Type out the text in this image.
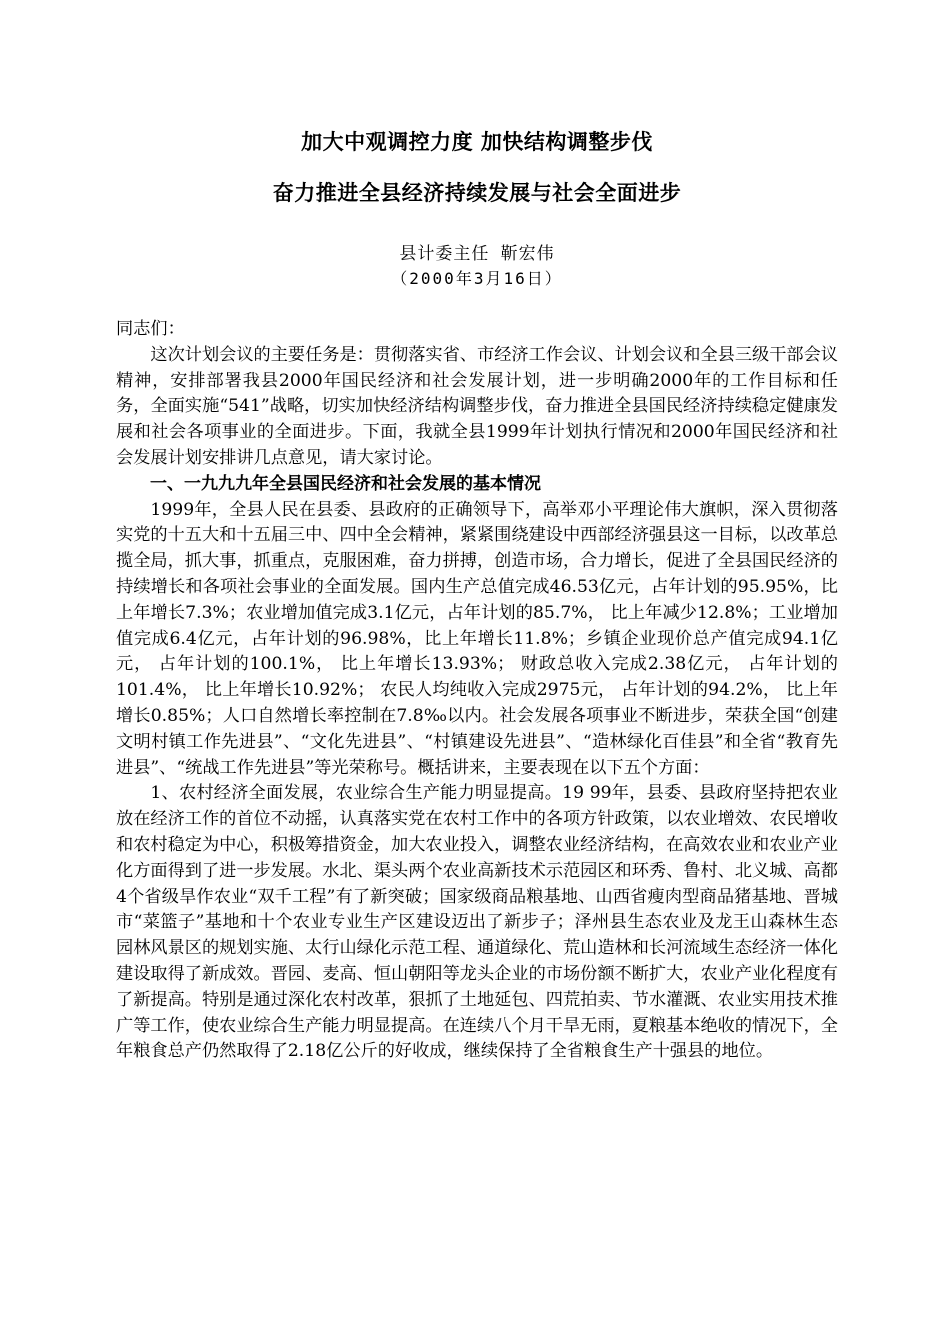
加大中观调控力度 加快结构调整步伐
奋力推进全县经济持续发展与社会全面进步
县计委主任 靳宏伟
（2000年3月16日）

同志们：

这次计划会议的主要任务是：贯彻落实省、市经济工作会议、计划会议和全县三级干部会议精神，安排部署我县2000年国民经济和社会发展计划，进一步明确2000年的工作目标和任务，全面实施“541”战略，切实加快经济结构调整步伐，奋力推进全县国民经济持续稳定健康发展和社会各项事业的全面进步。下面，我就全县1999年计划执行情况和2000年国民经济和社会发展计划安排讲几点意见，请大家讨论。

一、一九九九年全县国民经济和社会发展的基本情况

1999年，全县人民在县委、县政府的正确领导下，高举邓小平理论伟大旗帜，深入贯彻落实党的十五大和十五届三中、四中全会精神，紧紧围绕建设中西部经济强县这一目标，以改革总揽全局，抓大事，抓重点，克服困难，奋力拼搏，创造市场，合力增长，促进了全县国民经济的持续增长和各项社会事业的全面发展。国内生产总值完成46.53亿元，占年计划的95.95%，比上年增长7.3%；农业增加值完成3.1亿元，占年计划的85.7%， 比上年减少12.8%；工业增加值完成6.4亿元，占年计划的96.98%，比上年增长11.8%；乡镇企业现价总产值完成94.1亿元， 占年计划的100.1%， 比上年增长13.93%； 财政总收入完成2.38亿元， 占年计划的101.4%， 比上年增长10.92%； 农民人均纯收入完成2975元， 占年计划的94.2%， 比上年增长0.85%；人口自然增长率控制在7.8‰以内。社会发展各项事业不断进步，荣获全国“创建文明村镇工作先进县”、“文化先进县”、“村镇建设先进县”、“造林绿化百佳县”和全省“教育先进县”、“统战工作先进县”等光荣称号。概括讲来，主要表现在以下五个方面：

1、农村经济全面发展，农业综合生产能力明显提高。19 99年，县委、县政府坚持把农业放在经济工作的首位不动摇，认真落实党在农村工作中的各项方针政策，以农业增效、农民增收和农村稳定为中心，积极筹措资金，加大农业投入，调整农业经济结构，在高效农业和农业产业化方面得到了进一步发展。水北、渠头两个农业高新技术示范园区和环秀、鲁村、北义城、高都4个省级旱作农业“双千工程”有了新突破；国家级商品粮基地、山西省瘦肉型商品猪基地、晋城市“菜篮子”基地和十个农业专业生产区建设迈出了新步子；泽州县生态农业及龙王山森林生态园林风景区的规划实施、太行山绿化示范工程、通道绿化、荒山造林和长河流域生态经济一体化建设取得了新成效。晋园、麦高、恒山朝阳等龙头企业的市场份额不断扩大，农业产业化程度有了新提高。特别是通过深化农村改革，狠抓了土地延包、四荒拍卖、节水灌溉、农业实用技术推广等工作，使农业综合生产能力明显提高。在连续八个月干旱无雨，夏粮基本绝收的情况下，全年粮食总产仍然取得了2.18亿公斤的好收成，继续保持了全省粮食生产十强县的地位。
